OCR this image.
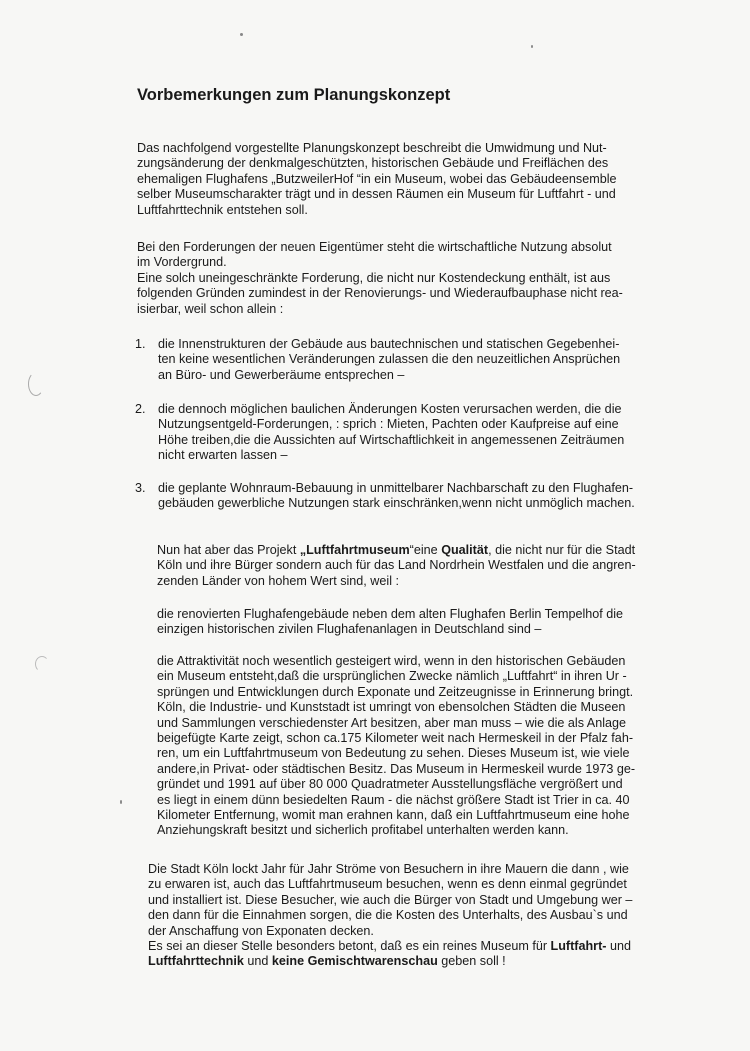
Vorbemerkungen zum Planungskonzept
Das nachfolgend vorgestellte Planungskonzept beschreibt die Umwidmung und Nut-
zungsänderung der denkmalgeschützten, historischen Gebäude und Freiflächen des
ehemaligen Flughafens „ButzweilerHof “in ein Museum, wobei das Gebäudeensemble
selber Museumscharakter trägt und in dessen Räumen ein Museum für Luftfahrt - und
Luftfahrttechnik entstehen soll.
Bei den Forderungen der neuen Eigentümer steht die wirtschaftliche Nutzung absolut
im Vordergrund.
Eine solch uneingeschränkte Forderung, die nicht nur Kostendeckung enthält, ist aus
folgenden Gründen zumindest in der Renovierungs- und Wiederaufbauphase nicht rea-
isierbar, weil schon allein :
1. die Innenstrukturen der Gebäude aus bautechnischen und statischen Gegebenhei-
ten keine wesentlichen Veränderungen zulassen die den neuzeitlichen Ansprüchen
an Büro- und Gewerberäume entsprechen –
2. die dennoch möglichen baulichen Änderungen Kosten verursachen werden, die die
Nutzungsentgeld-Forderungen, : sprich : Mieten, Pachten oder Kaufpreise auf eine
Höhe treiben,die die Aussichten auf Wirtschaftlichkeit in angemessenen Zeiträumen
nicht erwarten lassen –
3. die geplante Wohnraum-Bebauung in unmittelbarer Nachbarschaft zu den Flughafen-
gebäuden gewerbliche Nutzungen stark einschränken,wenn nicht unmöglich machen.
Nun hat aber das Projekt „Luftfahrtmuseum“eine Qualität, die nicht nur für die Stadt
Köln und ihre Bürger sondern auch für das Land Nordrhein Westfalen und die angren-
zenden Länder von hohem Wert sind, weil :
die renovierten Flughafengebäude neben dem alten Flughafen Berlin Tempelhof die
einzigen historischen zivilen Flughafenanlagen in Deutschland sind –
die Attraktivität noch wesentlich gesteigert wird, wenn in den historischen Gebäuden
ein Museum entsteht,daß die ursprünglichen Zwecke nämlich „Luftfahrt“ in ihren Ur -
sprüngen und Entwicklungen durch Exponate und Zeitzeugnisse in Erinnerung bringt.
Köln, die Industrie- und Kunststadt ist umringt von ebensolchen Städten die Museen
und Sammlungen verschiedenster Art besitzen, aber man muss – wie die als Anlage
beigefügte Karte zeigt, schon ca.175 Kilometer weit nach Hermeskeil in der Pfalz fah-
ren, um ein Luftfahrtmuseum von Bedeutung zu sehen. Dieses Museum ist, wie viele
andere,in Privat- oder städtischen Besitz. Das Museum in Hermeskeil wurde 1973 ge-
gründet und 1991 auf über 80 000 Quadratmeter Ausstellungsfläche vergrößert und
es liegt in einem dünn besiedelten Raum - die nächst größere Stadt ist Trier in ca. 40
Kilometer Entfernung, womit man erahnen kann, daß ein Luftfahrtmuseum eine hohe
Anziehungskraft besitzt und sicherlich profitabel unterhalten werden kann.
Die Stadt Köln lockt Jahr für Jahr Ströme von Besuchern in ihre Mauern die dann , wie
zu erwaren ist, auch das Luftfahrtmuseum besuchen, wenn es denn einmal gegründet
und installiert ist. Diese Besucher, wie auch die Bürger von Stadt und Umgebung wer –
den dann für die Einnahmen sorgen, die die Kosten des Unterhalts, des Ausbau`s und
der Anschaffung von Exponaten decken.
Es sei an dieser Stelle besonders betont, daß es ein reines Museum für Luftfahrt- und
Luftfahrttechnik und keine Gemischtwarenschau geben soll !
